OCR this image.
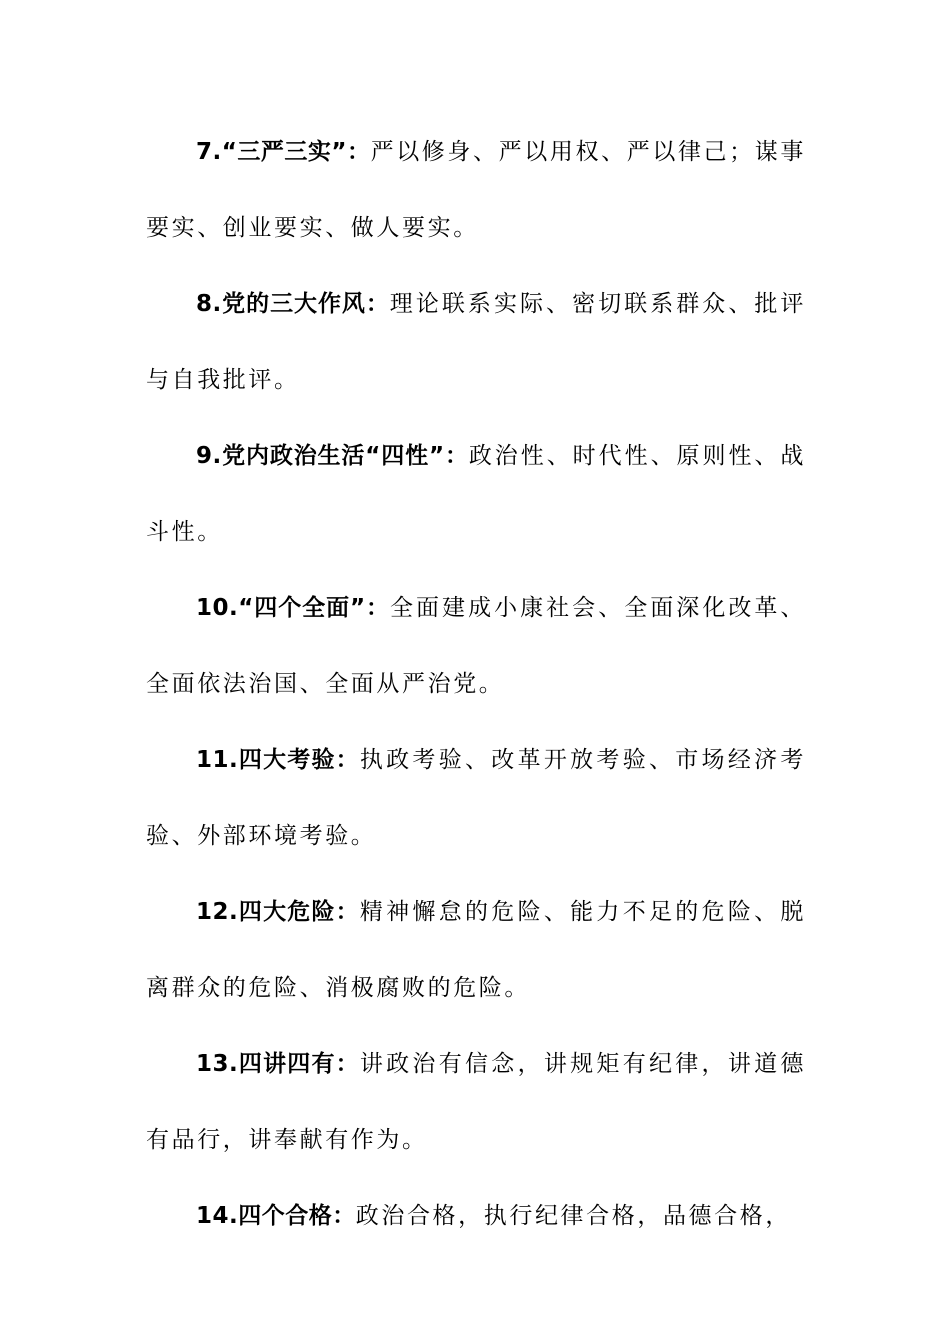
7.“三严三实”：严以修身、严以用权、严以律己；谋事要实、创业要实、做人要实。

8.党的三大作风：理论联系实际、密切联系群众、批评与自我批评。

9.党内政治生活“四性”：政治性、时代性、原则性、战斗性。

10.“四个全面”：全面建成小康社会、全面深化改革、全面依法治国、全面从严治党。

11.四大考验：执政考验、改革开放考验、市场经济考验、外部环境考验。

12.四大危险：精神懈怠的危险、能力不足的危险、脱离群众的危险、消极腐败的危险。

13.四讲四有：讲政治有信念，讲规矩有纪律，讲道德有品行，讲奉献有作为。

14.四个合格：政治合格，执行纪律合格，品德合格，
